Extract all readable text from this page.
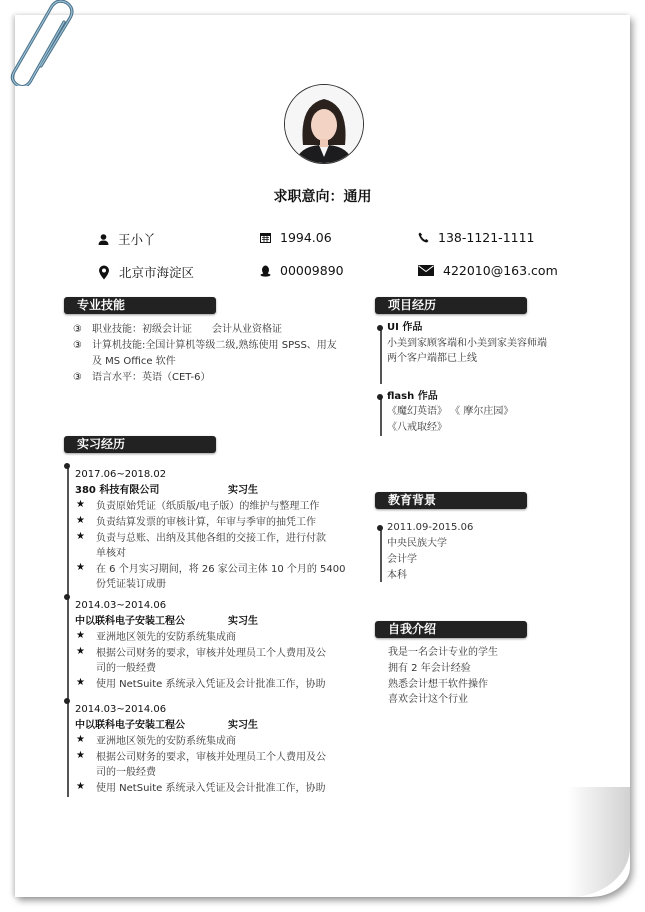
求职意向：通用
王小丫	1994.06	138-1121-1111
北京市海淀区	00009890	422010@163.com
专业技能
③ 职业技能：初级会计证　　会计从业资格证
③ 计算机技能:全国计算机等级二级,熟练使用 SPSS、用友
及 MS Office 软件
③ 语言水平：英语（CET-6）
项目经历
UI 作品
小美到家顾客端和小美到家美容师端
两个客户端都已上线
flash 作品
《魔幻英语》 《 摩尔庄园》
《八戒取经》
实习经历
2017.06~2018.02
380 科技有限公司	实习生
★ 负责原始凭证（纸质版/电子版）的维护与整理工作
★ 负责结算发票的审核计算，年审与季审的抽凭工作
★ 负责与总账、出纳及其他各组的交接工作，进行付款
单核对
★ 在 6 个月实习期间，将 26 家公司主体 10 个月的 5400
份凭证装订成册
2014.03~2014.06
中以联科电子安装工程公	实习生
★ 亚洲地区领先的安防系统集成商
★ 根据公司财务的要求，审核并处理员工个人费用及公
司的一般经费
★ 使用 NetSuite 系统录入凭证及会计批准工作，协助
2014.03~2014.06
中以联科电子安装工程公	实习生
★ 亚洲地区领先的安防系统集成商
★ 根据公司财务的要求，审核并处理员工个人费用及公
司的一般经费
★ 使用 NetSuite 系统录入凭证及会计批准工作，协助
教育背景
2011.09-2015.06
中央民族大学
会计学
本科
自我介绍
我是一名会计专业的学生
拥有 2 年会计经验
熟悉会计想干软件操作
喜欢会计这个行业
